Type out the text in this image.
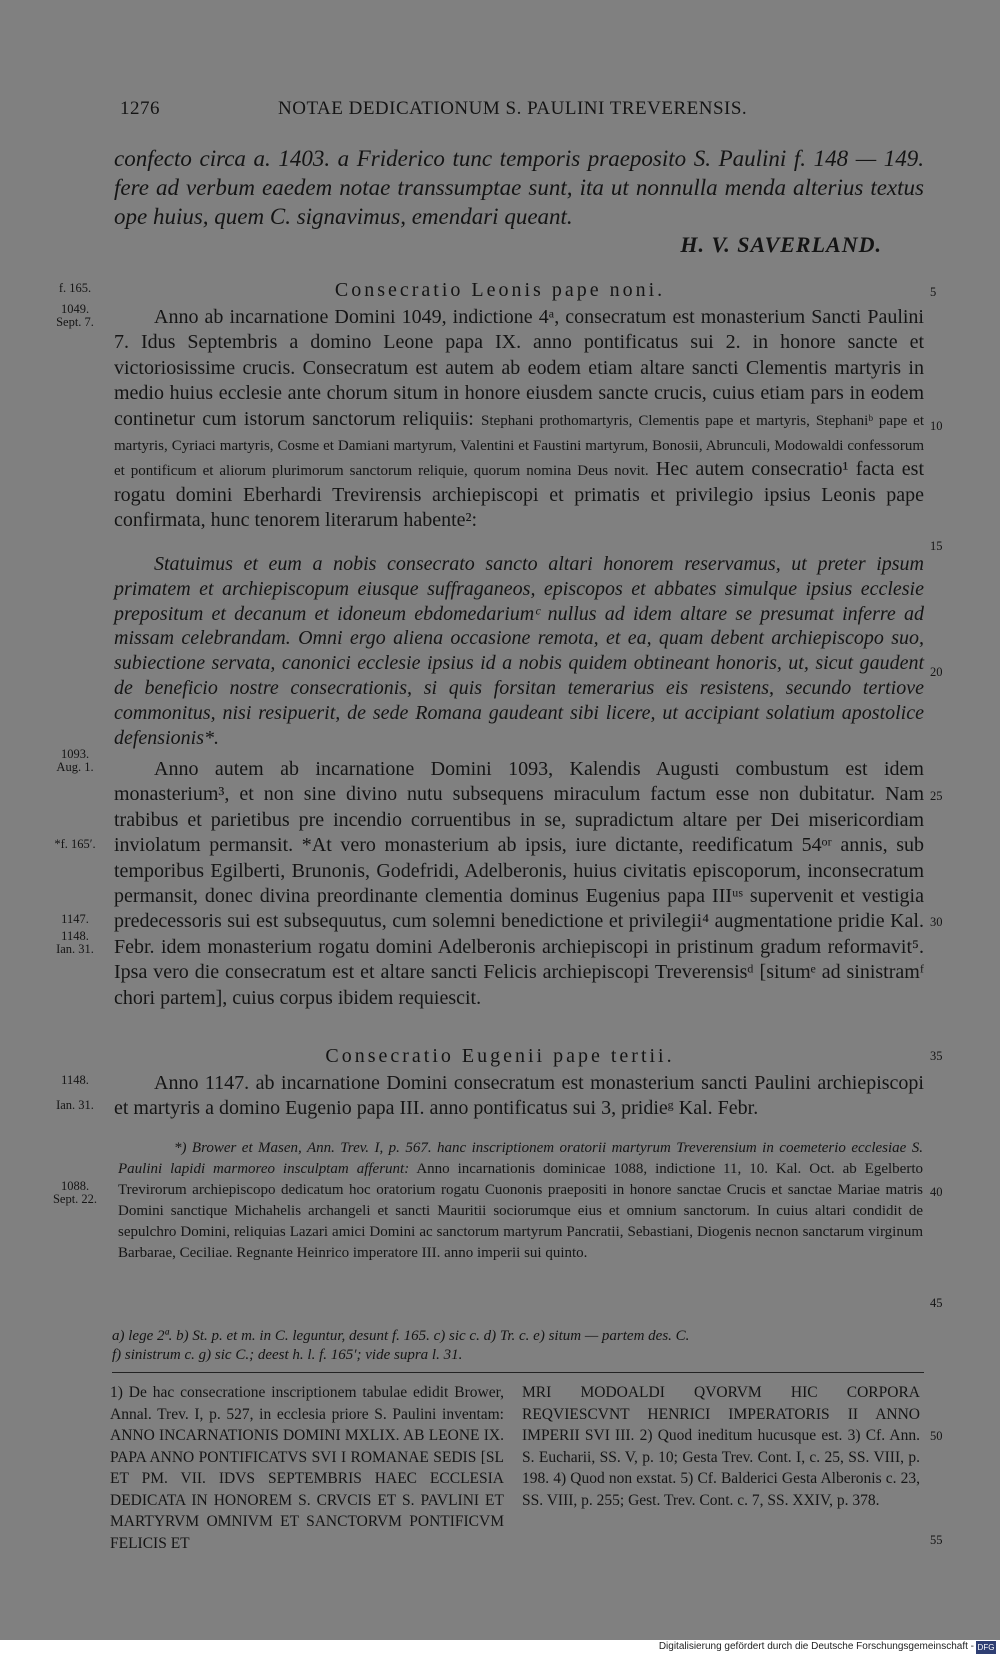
1276	NOTAE DEDICATIONUM S. PAULINI TREVERENSIS.

confecto circa a. 1403. a Friderico tunc temporis praeposito S. Paulini f. 148 — 149. fere ad verbum eaedem notae transsumptae sunt, ita ut nonnulla menda alterius textus ope huius, quem C. signavimus, emendari queant.

H. V. SAVERLAND.
Consecratio Leonis pape noni.

Anno ab incarnatione Domini 1049, indictione 4ᵃ, consecratum est monasterium Sancti Paulini 7. Idus Septembris a domino Leone papa IX. anno pontificatus sui 2. in honore sancte et victoriosissime crucis. Consecratum est autem ab eodem etiam altare sancti Clementis martyris in medio huius ecclesie ante chorum situm in honore eiusdem sancte crucis, cuius etiam pars in eodem continetur cum istorum sanctorum reliquiis: Stephani prothomartyris, Clementis pape et martyris, Stephaniᵇ pape et martyris, Cyriaci martyris, Cosme et Damiani martyrum, Valentini et Faustini martyrum, Bonosii, Abrunculi, Modowaldi confessorum et pontificum et aliorum plurimorum sanctorum reliquie, quorum nomina Deus novit. Hec autem consecratio¹ facta est rogatu domini Eberhardi Trevirensis archiepiscopi et primatis et privilegio ipsius Leonis pape confirmata, hunc tenorem literarum habente²:

Statuimus et eum a nobis consecrato sancto altari honorem reservamus, ut preter ipsum primatem et archiepiscopum eiusque suffraganeos, episcopos et abbates simulque ipsius ecclesie prepositum et decanum et idoneum ebdomedariumᶜ nullus ad idem altare se presumat inferre ad missam celebrandam. Omni ergo aliena occasione remota, et ea, quam debent archiepiscopo suo, subiectione servata, canonici ecclesie ipsius id a nobis quidem obtineant honoris, ut, sicut gaudent de beneficio nostre consecrationis, si quis forsitan temerarius eis resistens, secundo tertiove commonitus, nisi resipuerit, de sede Romana gaudeant sibi licere, ut accipiant solatium apostolice defensionis*.

Anno autem ab incarnatione Domini 1093, Kalendis Augusti combustum est idem monasterium³, et non sine divino nutu subsequens miraculum factum esse non dubitatur. Nam trabibus et parietibus pre incendio corruentibus in se, supradictum altare per Dei misericordiam inviolatum permansit. *At vero monasterium ab ipsis, iure dictante, reedificatum 54ᵒʳ annis, sub temporibus Egilberti, Brunonis, Godefridi, Adelberonis, huius civitatis episcoporum, inconsecratum permansit, donec divina preordinante clementia dominus Eugenius papa IIIᵘˢ supervenit et vestigia predecessoris sui est subsequutus, cum solemni benedictione et privilegii⁴ augmentatione pridie Kal. Febr. idem monasterium rogatu domini Adelberonis archiepiscopi in pristinum gradum reformavit⁵. Ipsa vero die consecratum est et altare sancti Felicis archiepiscopi Treverensisᵈ [situmᵉ ad sinistramᶠ chori partem], cuius corpus ibidem requiescit.

Consecratio Eugenii pape tertii.

Anno 1147. ab incarnatione Domini consecratum est monasterium sancti Paulini archiepiscopi et martyris a domino Eugenio papa III. anno pontificatus sui 3, pridieᵍ Kal. Febr.

*) Brower et Masen, Ann. Trev. I, p. 567. hanc inscriptionem oratorii martyrum Treverensium in coemeterio ecclesiae S. Paulini lapidi marmoreo insculptam afferunt: Anno incarnationis dominicae 1088, indictione 11, 10. Kal. Oct. ab Egelberto Trevirorum archiepiscopo dedicatum hoc oratorium rogatu Cuononis praepositi in honore sanctae Crucis et sanctae Mariae matris Domini sanctique Michahelis archangeli et sancti Mauritii sociorumque eius et omnium sanctorum. In cuius altari condidit de sepulchro Domini, reliquias Lazari amici Domini ac sanctorum martyrum Pancratii, Sebastiani, Diogenis necnon sanctarum virginum Barbarae, Ceciliae. Regnante Heinrico imperatore III. anno imperii sui quinto.

a) lege 2ª. b) St. p. et m. in C. leguntur, desunt f. 165. c) sic c. d) Tr. c. e) situm — partem des. C.
f) sinistrum c. g) sic C.; deest h. l. f. 165′; vide supra l. 31.
1) De hac consecratione inscriptionem tabulae edidit Brower, Annal. Trev. I, p. 527, in ecclesia priore S. Paulini inventam: ANNO INCARNATIONIS DOMINI MXLIX. AB LEONE IX. PAPA ANNO PONTIFICATVS SVI I ROMANAE SEDIS [SL ET PM. VII. IDVS SEPTEMBRIS HAEC ECCLESIA DEDICATA IN HONOREM S. CRVCIS ET S. PAVLINI ET MARTYRVM OMNIVM ET SANCTORVM PONTIFICVM FELICIS ET
MRI MODOALDI QVORVM HIC CORPORA REQVIESCVNT HENRICI IMPERATORIS II ANNO IMPERII SVI III. 2) Quod ineditum hucusque est. 3) Cf. Ann. S. Eucharii, SS. V, p. 10; Gesta Trev. Cont. I, c. 25, SS. VIII, p. 198. 4) Quod non exstat. 5) Cf. Balderici Gesta Alberonis c. 23, SS. VIII, p. 255; Gest. Trev. Cont. c. 7, SS. XXIV, p. 378.
f. 165.
1049.
Sept. 7.
1093.
Aug. 1.
*f. 165′.
1147.
1148.
Ian. 31.
1148.
Ian. 31.
1088.
Sept. 22.
5
10
15
20
25
30
35
40
45
50
55
Digitalisierung gefördert durch die Deutsche Forschungsgemeinschaft - DFG
